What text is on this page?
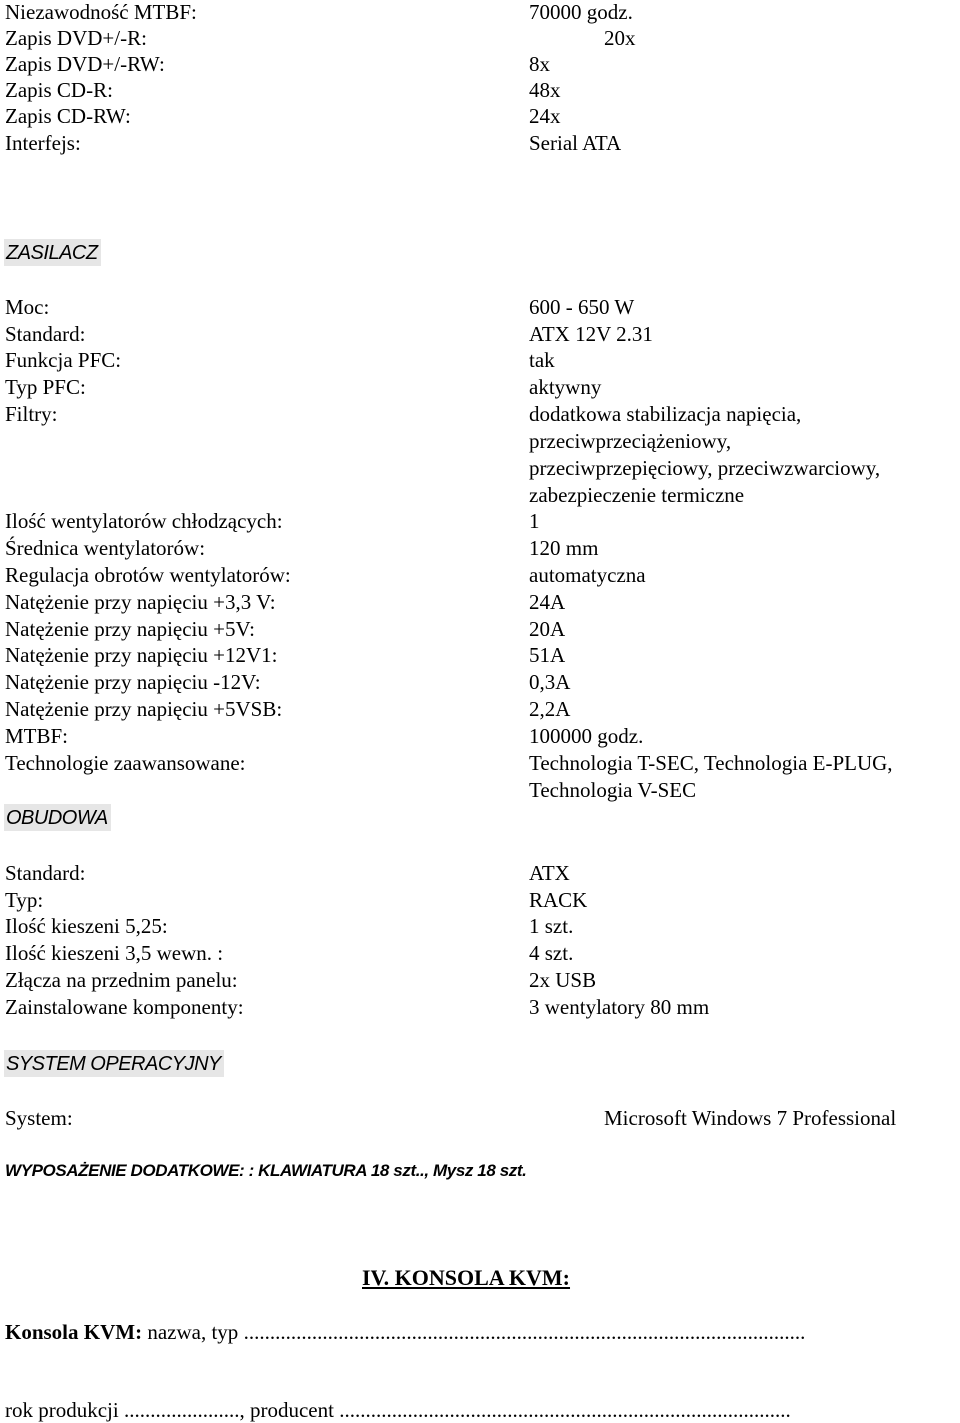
Niezawodność MTBF:	70000 godz.
Zapis DVD+/-R:	20x
Zapis DVD+/-RW:	8x
Zapis CD-R:	48x
Zapis CD-RW:	24x
Interfejs:	Serial ATA
ZASILACZ
Moc:	600 - 650 W
Standard:	ATX 12V 2.31
Funkcja PFC:	tak
Typ PFC:	aktywny
Filtry:	dodatkowa stabilizacja napięcia,
przeciwprzeciążeniowy,
przeciwprzepięciowy, przeciwzwarciowy,
zabezpieczenie termiczne
Ilość wentylatorów chłodzących:	1
Średnica wentylatorów:	120 mm
Regulacja obrotów wentylatorów:	automatyczna
Natężenie przy napięciu +3,3 V:	24A
Natężenie przy napięciu +5V:	20A
Natężenie przy napięciu +12V1:	51A
Natężenie przy napięciu -12V:	0,3A
Natężenie przy napięciu +5VSB:	2,2A
MTBF:	100000 godz.
Technologie zaawansowane:	Technologia T-SEC, Technologia E-PLUG,
Technologia V-SEC
OBUDOWA
Standard:	ATX
Typ:	RACK
Ilość kieszeni 5,25:	1 szt.
Ilość kieszeni 3,5 wewn. :	4 szt.
Złącza na przednim panelu:	2x USB
Zainstalowane komponenty:	3 wentylatory 80 mm
SYSTEM OPERACYJNY
System:	Microsoft Windows 7 Professional
WYPOSAŻENIE DODATKOWE: : KLAWIATURA 18 szt.., Mysz 18 szt.
IV. KONSOLA KVM:
Konsola KVM: nazwa, typ ...........................................................................................................
rok produkcji ......................, producent ......................................................................................
